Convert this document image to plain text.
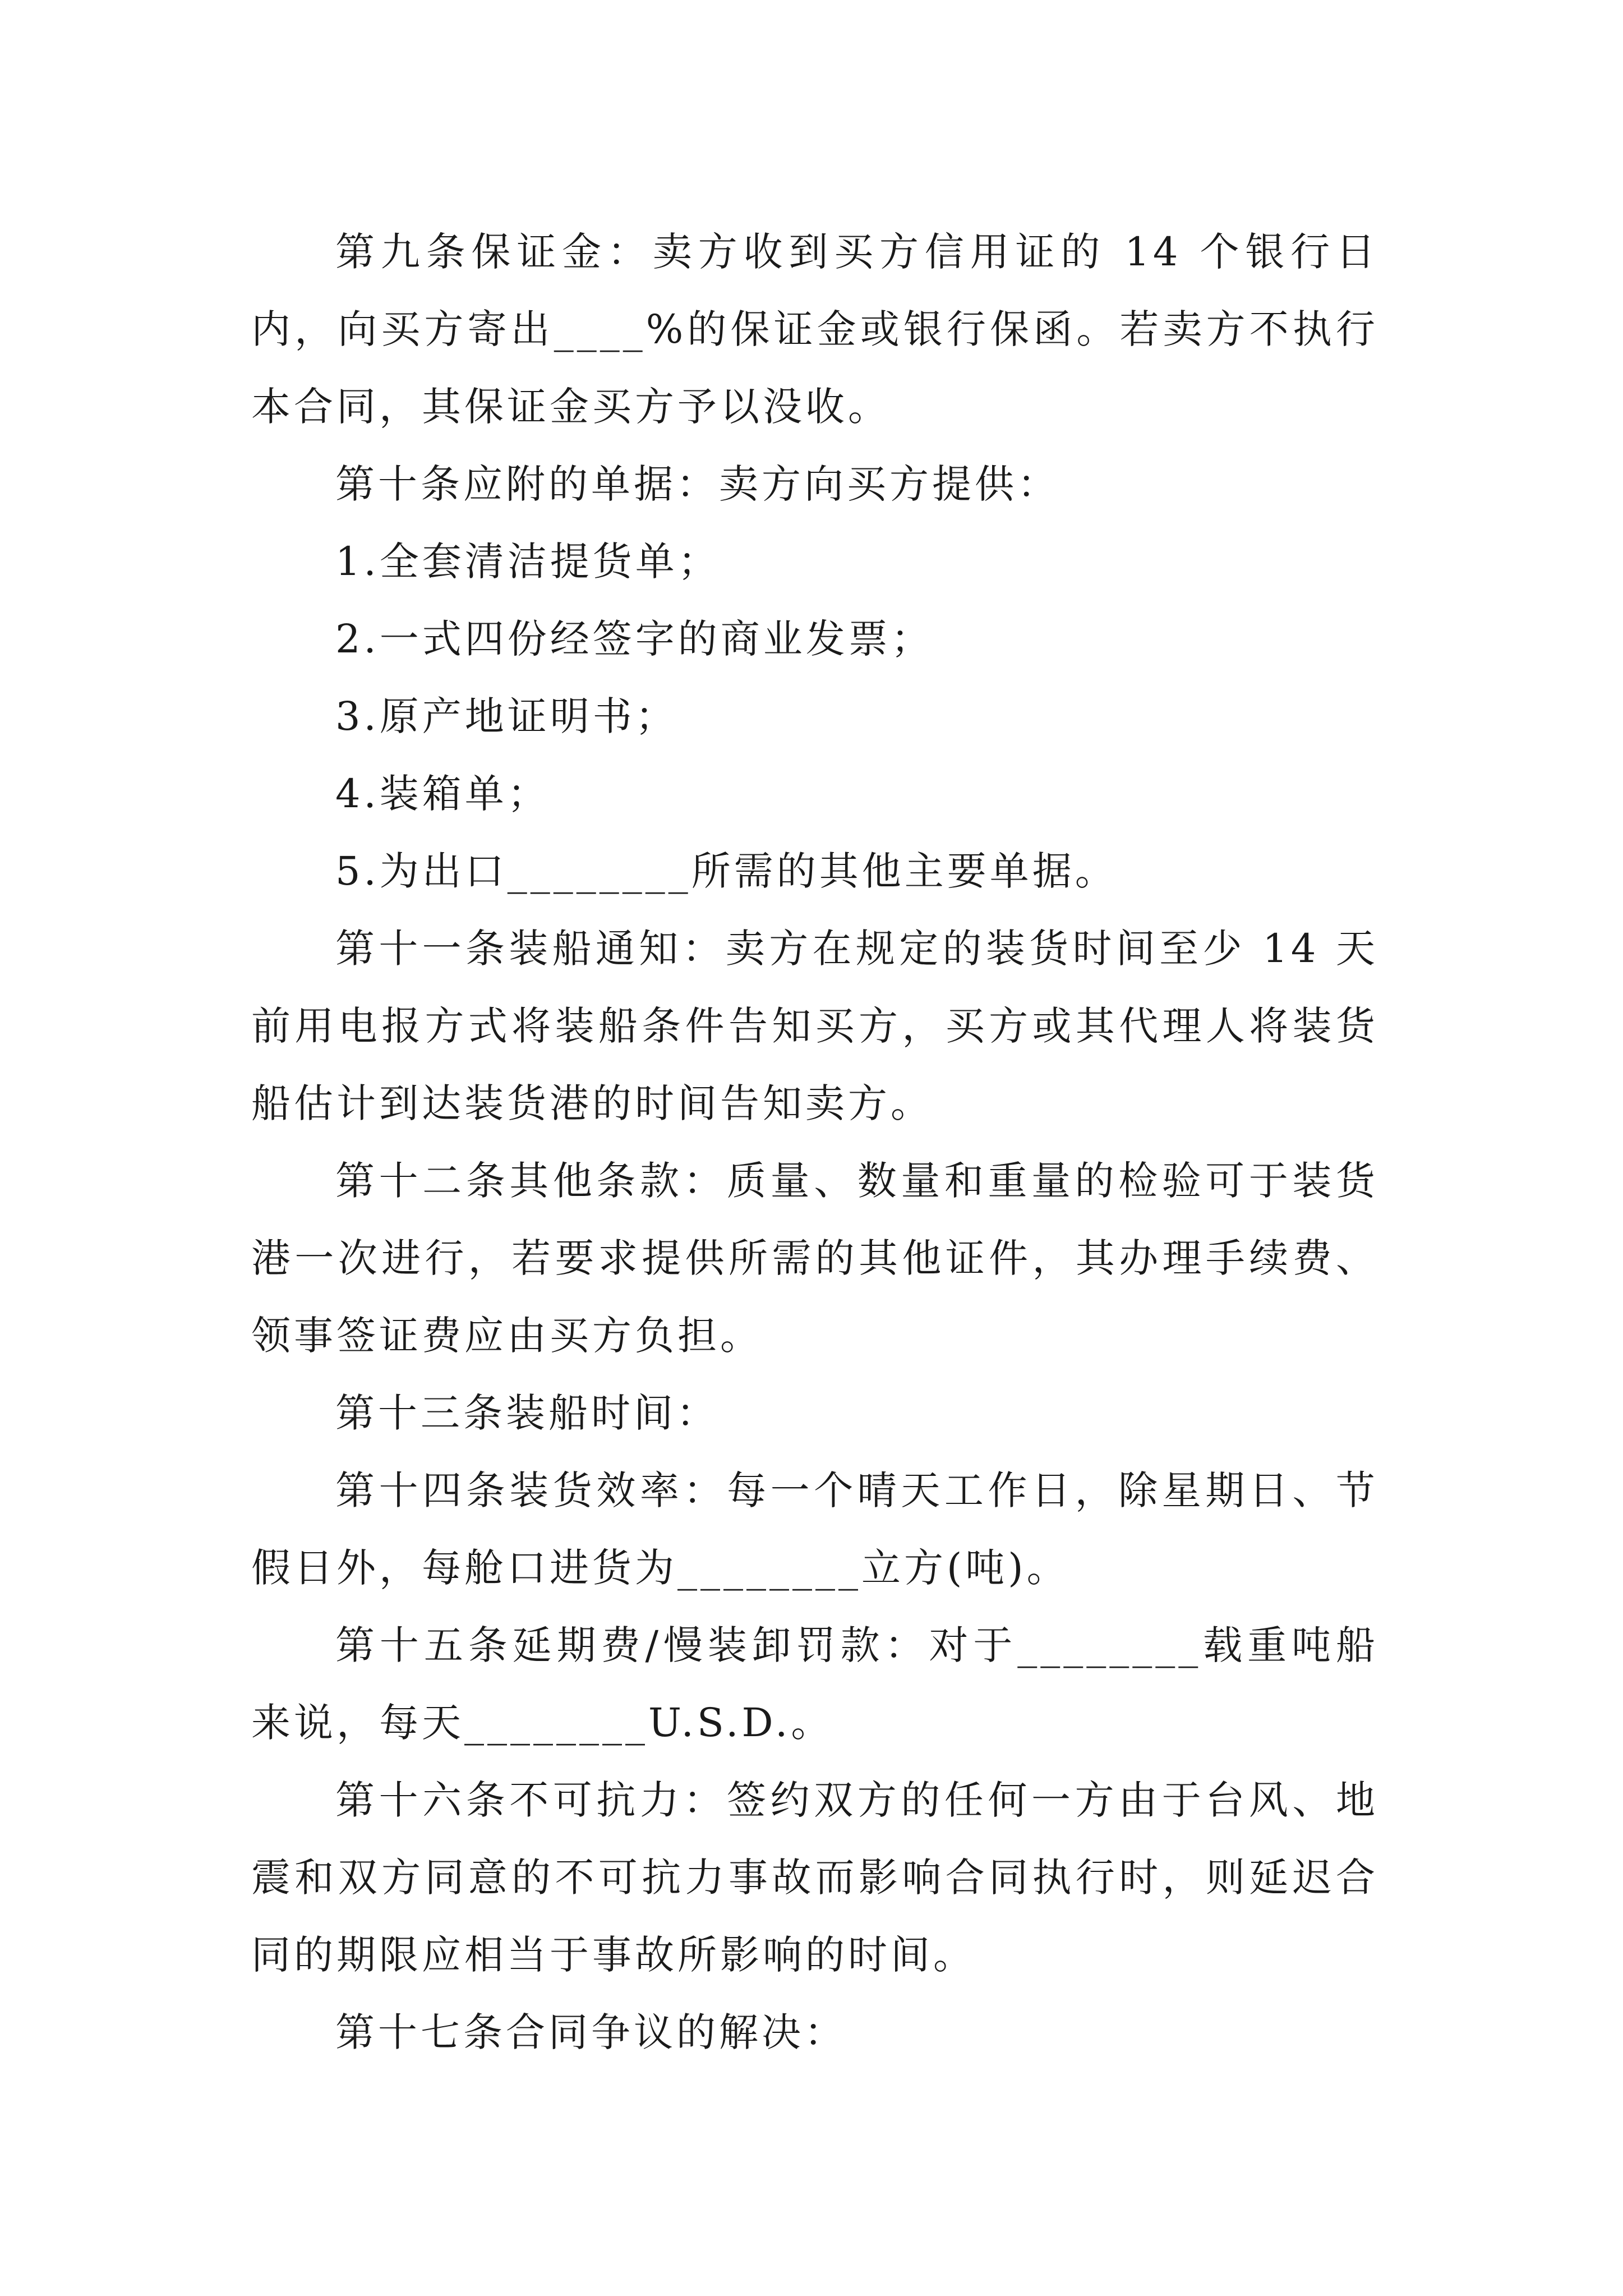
第九条保证金：卖方收到买方信用证的 14 个银行日内，向买方寄出____%的保证金或银行保函。若卖方不执行本合同，其保证金买方予以没收。

第十条应附的单据：卖方向买方提供：

1.全套清洁提货单；

2.一式四份经签字的商业发票；

3.原产地证明书；

4.装箱单；

5.为出口________所需的其他主要单据。

第十一条装船通知：卖方在规定的装货时间至少 14 天前用电报方式将装船条件告知买方，买方或其代理人将装货船估计到达装货港的时间告知卖方。

第十二条其他条款：质量、数量和重量的检验可于装货港一次进行，若要求提供所需的其他证件，其办理手续费、领事签证费应由买方负担。

第十三条装船时间：

第十四条装货效率：每一个晴天工作日，除星期日、节假日外，每舱口进货为________立方(吨)。

第十五条延期费/慢装卸罚款：对于________载重吨船来说，每天________U.S.D.。

第十六条不可抗力：签约双方的任何一方由于台风、地震和双方同意的不可抗力事故而影响合同执行时，则延迟合同的期限应相当于事故所影响的时间。

第十七条合同争议的解决：
